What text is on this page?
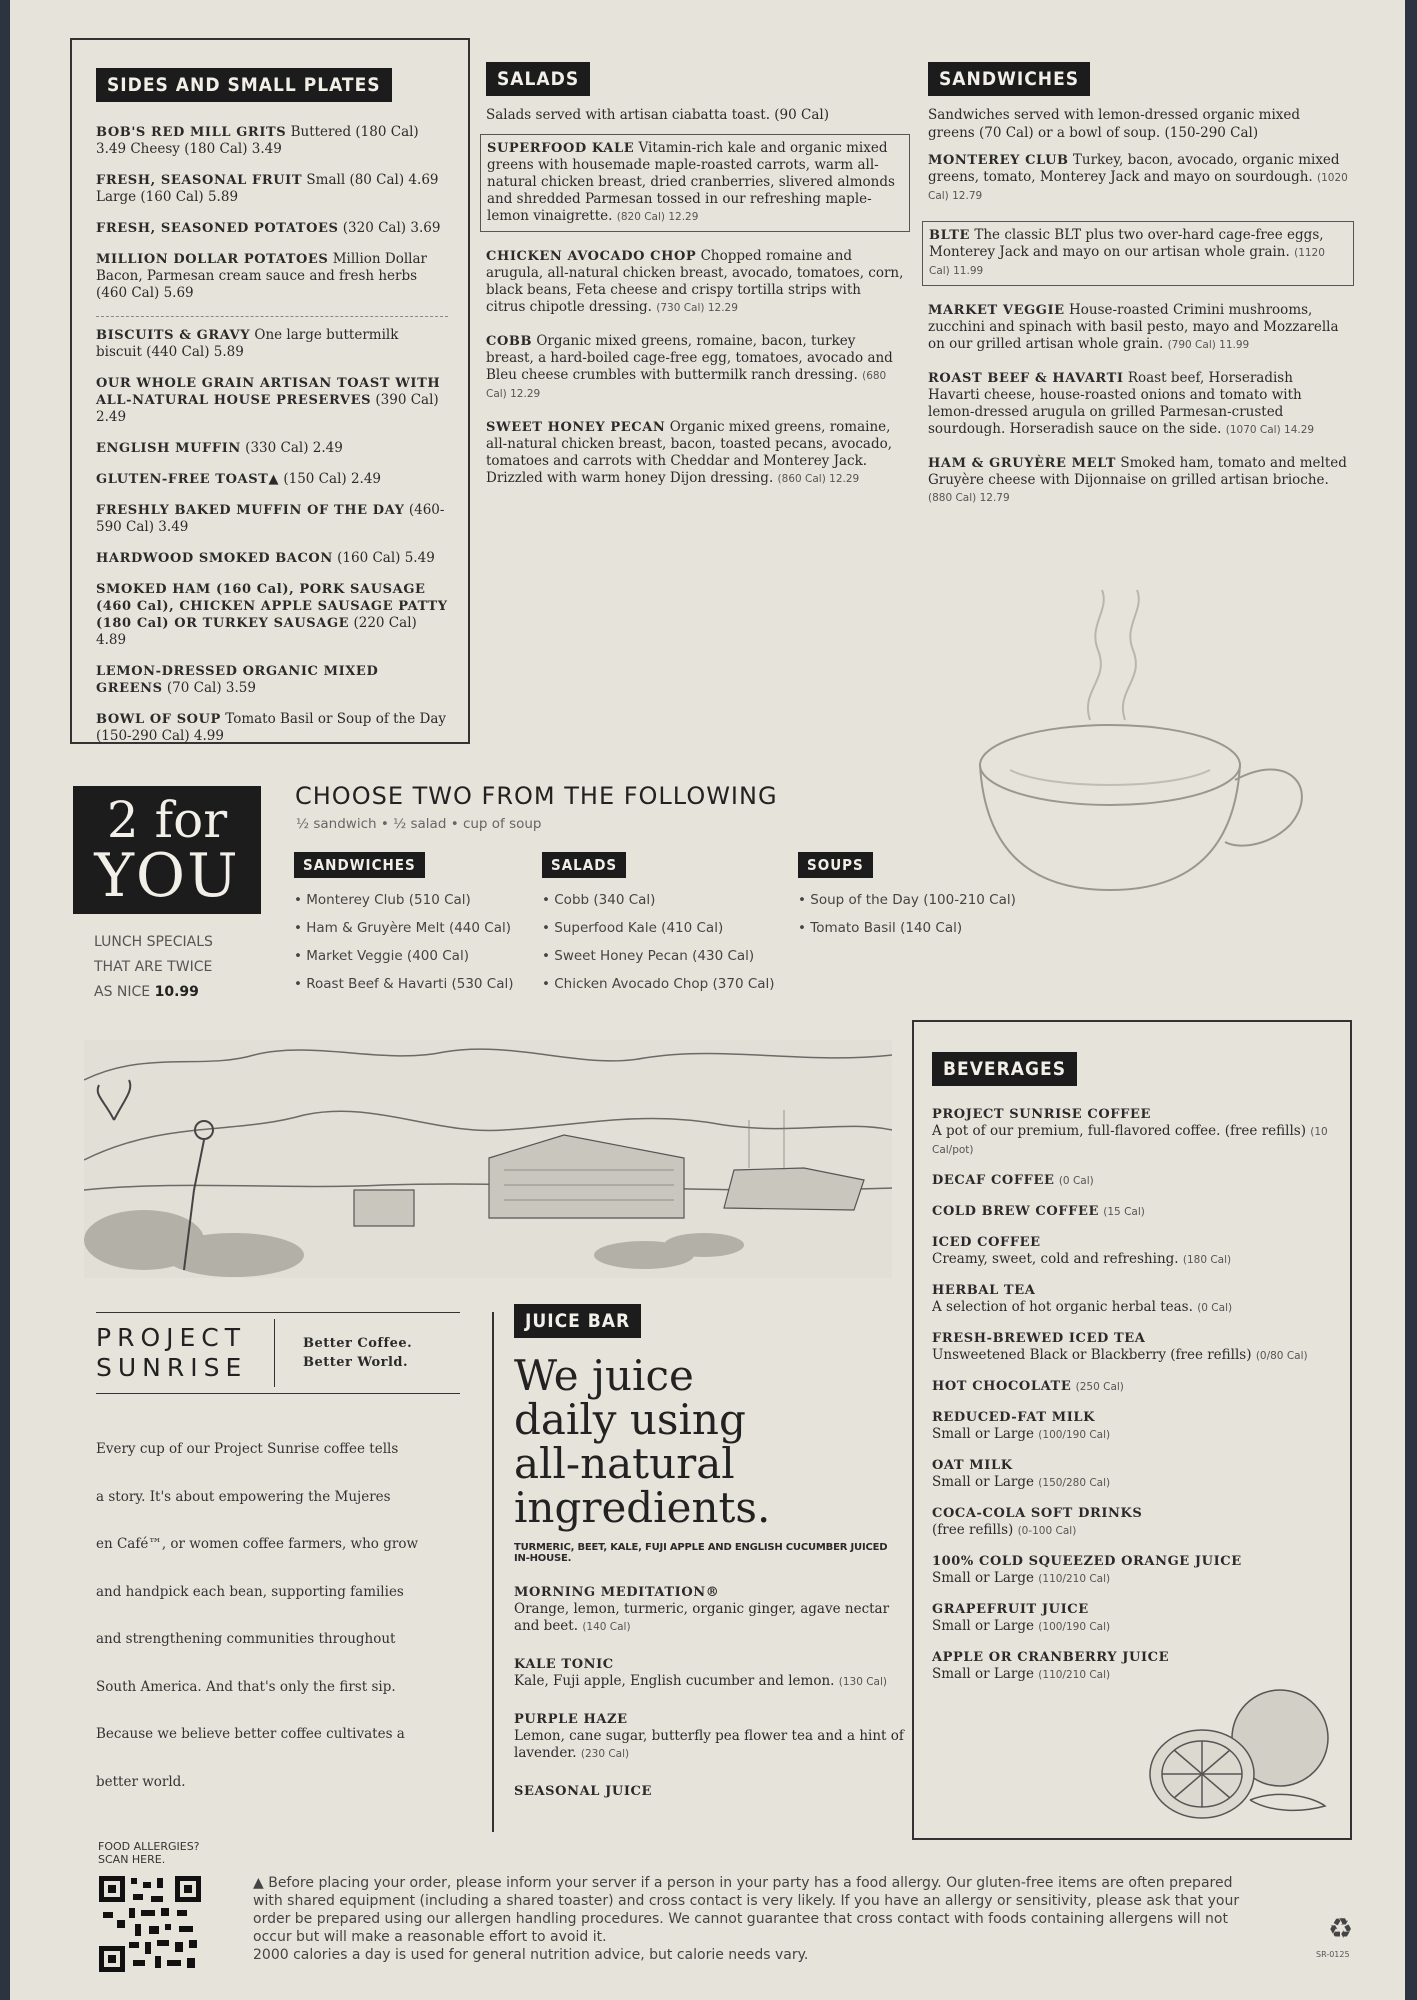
SIDES AND SMALL PLATES
BOB'S RED MILL GRITS Buttered (180 Cal) 3.49 Cheesy (180 Cal) 3.49
FRESH, SEASONAL FRUIT Small (80 Cal) 4.69 Large (160 Cal) 5.89
FRESH, SEASONED POTATOES (320 Cal) 3.69
MILLION DOLLAR POTATOES Million Dollar Bacon, Parmesan cream sauce and fresh herbs (460 Cal) 5.69
BISCUITS & GRAVY One large buttermilk biscuit (440 Cal) 5.89
OUR WHOLE GRAIN ARTISAN TOAST WITH ALL-NATURAL HOUSE PRESERVES (390 Cal) 2.49
ENGLISH MUFFIN (330 Cal) 2.49
GLUTEN-FREE TOAST▲ (150 Cal) 2.49
FRESHLY BAKED MUFFIN OF THE DAY (460-590 Cal) 3.49
HARDWOOD SMOKED BACON (160 Cal) 5.49
SMOKED HAM (160 Cal), PORK SAUSAGE (460 Cal), CHICKEN APPLE SAUSAGE PATTY (180 Cal) OR TURKEY SAUSAGE (220 Cal) 4.89
LEMON-DRESSED ORGANIC MIXED GREENS (70 Cal) 3.59
BOWL OF SOUP Tomato Basil or Soup of the Day (150-290 Cal) 4.99
SALADS
Salads served with artisan ciabatta toast. (90 Cal)
SUPERFOOD KALE Vitamin-rich kale and organic mixed greens with housemade maple-roasted carrots, warm all-natural chicken breast, dried cranberries, slivered almonds and shredded Parmesan tossed in our refreshing maple-lemon vinaigrette. (820 Cal) 12.29
CHICKEN AVOCADO CHOP Chopped romaine and arugula, all-natural chicken breast, avocado, tomatoes, corn, black beans, Feta cheese and crispy tortilla strips with citrus chipotle dressing. (730 Cal) 12.29
COBB Organic mixed greens, romaine, bacon, turkey breast, a hard-boiled cage-free egg, tomatoes, avocado and Bleu cheese crumbles with buttermilk ranch dressing. (680 Cal) 12.29
SWEET HONEY PECAN Organic mixed greens, romaine, all-natural chicken breast, bacon, toasted pecans, avocado, tomatoes and carrots with Cheddar and Monterey Jack. Drizzled with warm honey Dijon dressing. (860 Cal) 12.29
SANDWICHES
Sandwiches served with lemon-dressed organic mixed greens (70 Cal) or a bowl of soup. (150-290 Cal)
MONTEREY CLUB Turkey, bacon, avocado, organic mixed greens, tomato, Monterey Jack and mayo on sourdough. (1020 Cal) 12.79
BLTE The classic BLT plus two over-hard cage-free eggs, Monterey Jack and mayo on our artisan whole grain. (1120 Cal) 11.99
MARKET VEGGIE House-roasted Crimini mushrooms, zucchini and spinach with basil pesto, mayo and Mozzarella on our grilled artisan whole grain. (790 Cal) 11.99
ROAST BEEF & HAVARTI Roast beef, Horseradish Havarti cheese, house-roasted onions and tomato with lemon-dressed arugula on grilled Parmesan-crusted sourdough. Horseradish sauce on the side. (1070 Cal) 14.29
HAM & GRUYÈRE MELT Smoked ham, tomato and melted Gruyère cheese with Dijonnaise on grilled artisan brioche. (880 Cal) 12.79
2 for
YOU
LUNCH SPECIALS
THAT ARE TWICE
AS NICE 10.99
CHOOSE TWO FROM THE FOLLOWING
½ sandwich • ½ salad • cup of soup
SANDWICHES
• Monterey Club (510 Cal)
• Ham & Gruyère Melt (440 Cal)
• Market Veggie (400 Cal)
• Roast Beef & Havarti (530 Cal)
SALADS
• Cobb (340 Cal)
• Superfood Kale (410 Cal)
• Sweet Honey Pecan (430 Cal)
• Chicken Avocado Chop (370 Cal)
SOUPS
• Soup of the Day (100-210 Cal)
• Tomato Basil (140 Cal)
PROJECT
SUNRISE
Better Coffee.
Better World.
Every cup of our Project Sunrise coffee tells
a story. It's about empowering the Mujeres
en Café™, or women coffee farmers, who grow
and handpick each bean, supporting families
and strengthening communities throughout
South America. And that's only the first sip.
Because we believe better coffee cultivates a
better world.
JUICE BAR
We juice
daily using
all-natural
ingredients.
TURMERIC, BEET, KALE, FUJI APPLE AND ENGLISH CUCUMBER JUICED IN-HOUSE.
MORNING MEDITATION®
Orange, lemon, turmeric, organic ginger, agave nectar and beet. (140 Cal)
KALE TONIC
Kale, Fuji apple, English cucumber and lemon. (130 Cal)
PURPLE HAZE
Lemon, cane sugar, butterfly pea flower tea and a hint of lavender. (230 Cal)
SEASONAL JUICE
BEVERAGES
PROJECT SUNRISE COFFEE
A pot of our premium, full-flavored coffee. (free refills) (10 Cal/pot)
DECAF COFFEE (0 Cal)
COLD BREW COFFEE (15 Cal)
ICED COFFEE
Creamy, sweet, cold and refreshing. (180 Cal)
HERBAL TEA
A selection of hot organic herbal teas. (0 Cal)
FRESH-BREWED ICED TEA
Unsweetened Black or Blackberry (free refills) (0/80 Cal)
HOT CHOCOLATE (250 Cal)
REDUCED-FAT MILK
Small or Large (100/190 Cal)
OAT MILK
Small or Large (150/280 Cal)
COCA-COLA SOFT DRINKS
(free refills) (0-100 Cal)
100% COLD SQUEEZED ORANGE JUICE
Small or Large (110/210 Cal)
GRAPEFRUIT JUICE
Small or Large (100/190 Cal)
APPLE OR CRANBERRY JUICE
Small or Large (110/210 Cal)
FOOD ALLERGIES?
SCAN HERE.
▲ Before placing your order, please inform your server if a person in your party has a food allergy. Our gluten-free items are often prepared
with shared equipment (including a shared toaster) and cross contact is very likely. If you have an allergy or sensitivity, please ask that your
order be prepared using our allergen handling procedures. We cannot guarantee that cross contact with foods containing allergens will not
occur but will make a reasonable effort to avoid it.
2000 calories a day is used for general nutrition advice, but calorie needs vary.
♻
SR-0125
